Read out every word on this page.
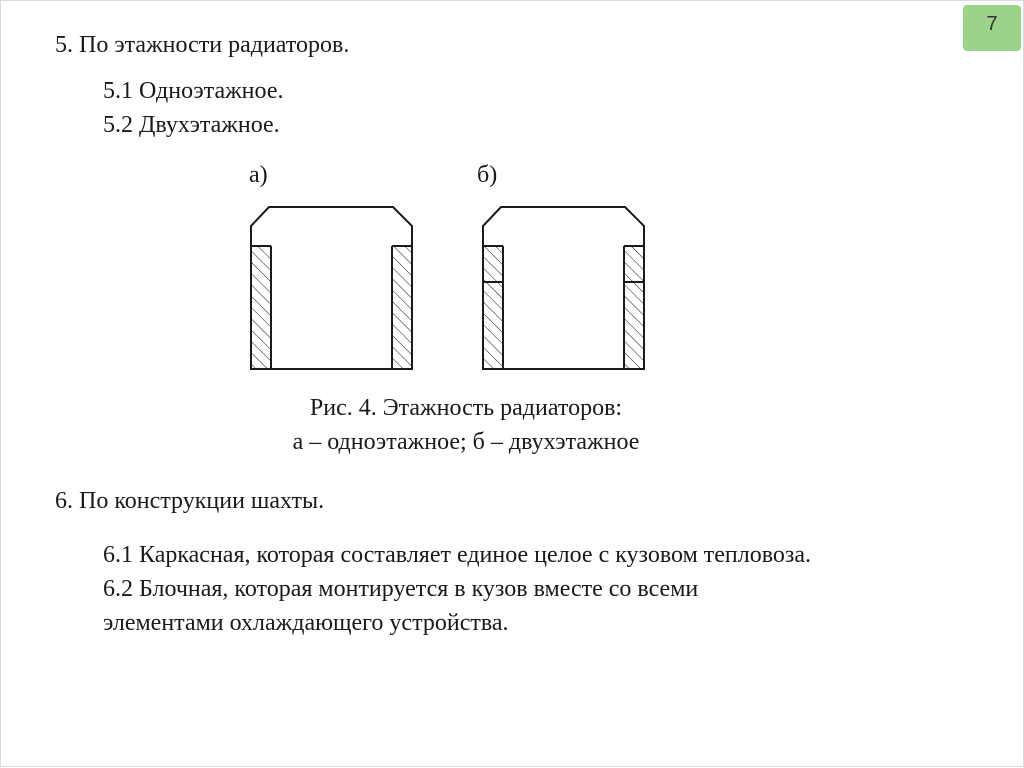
7
5. По этажности радиаторов.
5.1 Одноэтажное.
5.2 Двухэтажное.
а)	б)
Рис. 4. Этажность радиаторов:
а – одноэтажное; б – двухэтажное
6. По конструкции шахты.
6.1 Каркасная, которая составляет единое целое с кузовом тепловоза.
6.2 Блочная, которая монтируется в кузов вместе со всеми
элементами охлаждающего устройства.
